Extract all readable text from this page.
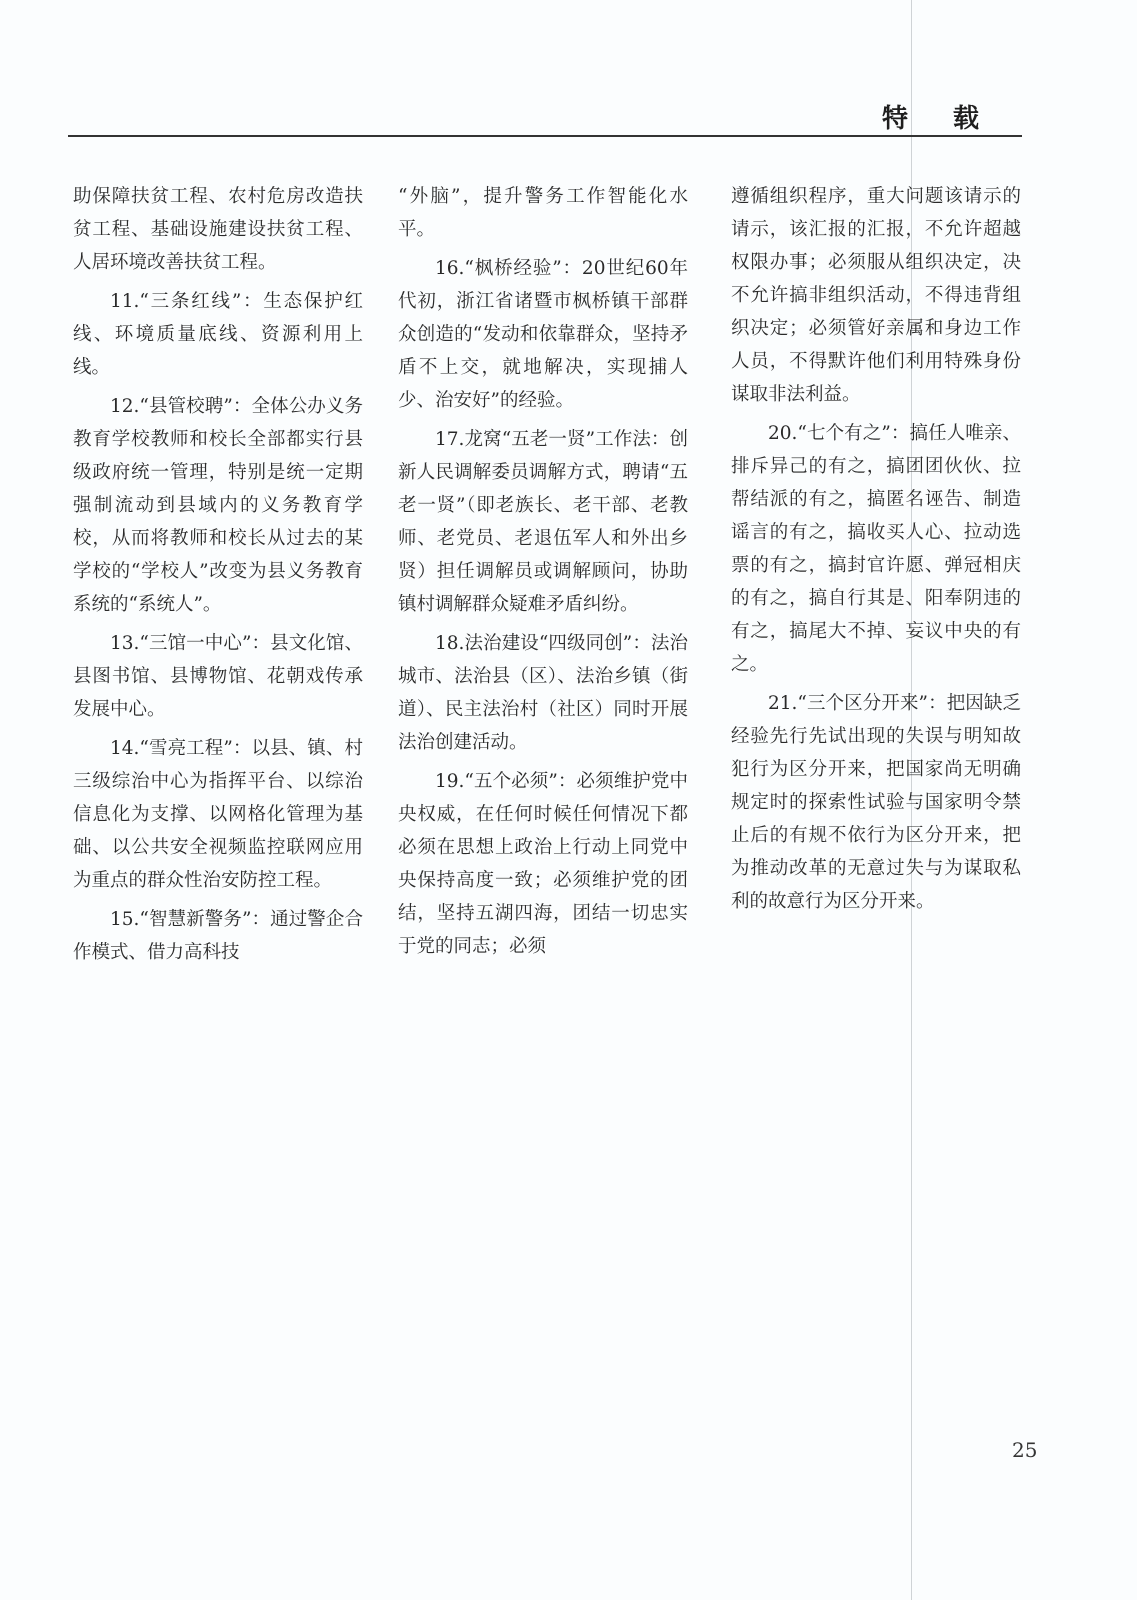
特 载

助保障扶贫工程、农村危房改造扶贫工程、基础设施建设扶贫工程、人居环境改善扶贫工程。

11.“三条红线”：生态保护红线、环境质量底线、资源利用上线。

12.“县管校聘”：全体公办义务教育学校教师和校长全部都实行县级政府统一管理，特别是统一定期强制流动到县域内的义务教育学校，从而将教师和校长从过去的某学校的“学校人”改变为县义务教育系统的“系统人”。

13.“三馆一中心”：县文化馆、县图书馆、县博物馆、花朝戏传承发展中心。

14.“雪亮工程”：以县、镇、村三级综治中心为指挥平台、以综治信息化为支撑、以网格化管理为基础、以公共安全视频监控联网应用为重点的群众性治安防控工程。

15.“智慧新警务”：通过警企合作模式、借力高科技

“外脑”，提升警务工作智能化水平。

16.“枫桥经验”：20世纪60年代初，浙江省诸暨市枫桥镇干部群众创造的“发动和依靠群众，坚持矛盾不上交，就地解决，实现捕人少、治安好”的经验。

17.龙窝“五老一贤”工作法：创新人民调解委员调解方式，聘请“五老一贤”（即老族长、老干部、老教师、老党员、老退伍军人和外出乡贤）担任调解员或调解顾问，协助镇村调解群众疑难矛盾纠纷。

18.法治建设“四级同创”：法治城市、法治县（区）、法治乡镇（街道）、民主法治村（社区）同时开展法治创建活动。

19.“五个必须”：必须维护党中央权威，在任何时候任何情况下都必须在思想上政治上行动上同党中央保持高度一致；必须维护党的团结，坚持五湖四海，团结一切忠实于党的同志；必须

遵循组织程序，重大问题该请示的请示，该汇报的汇报，不允许超越权限办事；必须服从组织决定，决不允许搞非组织活动，不得违背组织决定；必须管好亲属和身边工作人员，不得默许他们利用特殊身份谋取非法利益。

20.“七个有之”：搞任人唯亲、排斥异己的有之，搞团团伙伙、拉帮结派的有之，搞匿名诬告、制造谣言的有之，搞收买人心、拉动选票的有之，搞封官许愿、弹冠相庆的有之，搞自行其是、阳奉阴违的有之，搞尾大不掉、妄议中央的有之。

21.“三个区分开来”：把因缺乏经验先行先试出现的失误与明知故犯行为区分开来，把国家尚无明确规定时的探索性试验与国家明令禁止后的有规不依行为区分开来，把为推动改革的无意过失与为谋取私利的故意行为区分开来。

25
